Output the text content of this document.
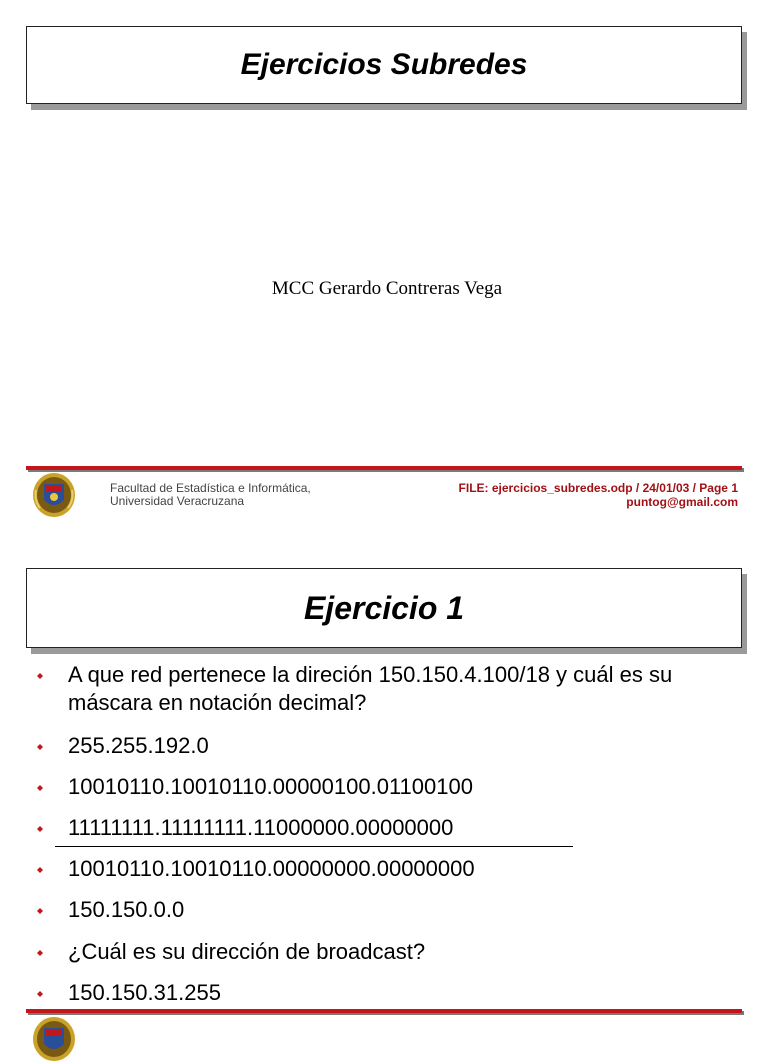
Ejercicios Subredes
MCC Gerardo Contreras Vega
Facultad de Estadística e Informática,
Universidad Veracruzana
FILE: ejercicios_subredes.odp / 24/01/03 / Page 1
puntog@gmail.com
Ejercicio 1
A que red pertenece la direción 150.150.4.100/18 y cuál es su máscara en notación decimal?
255.255.192.0
10010110.10010110.00000100.01100100
11111111.11111111.11000000.00000000
10010110.10010110.00000000.00000000
150.150.0.0
¿Cuál es su dirección de broadcast?
150.150.31.255
